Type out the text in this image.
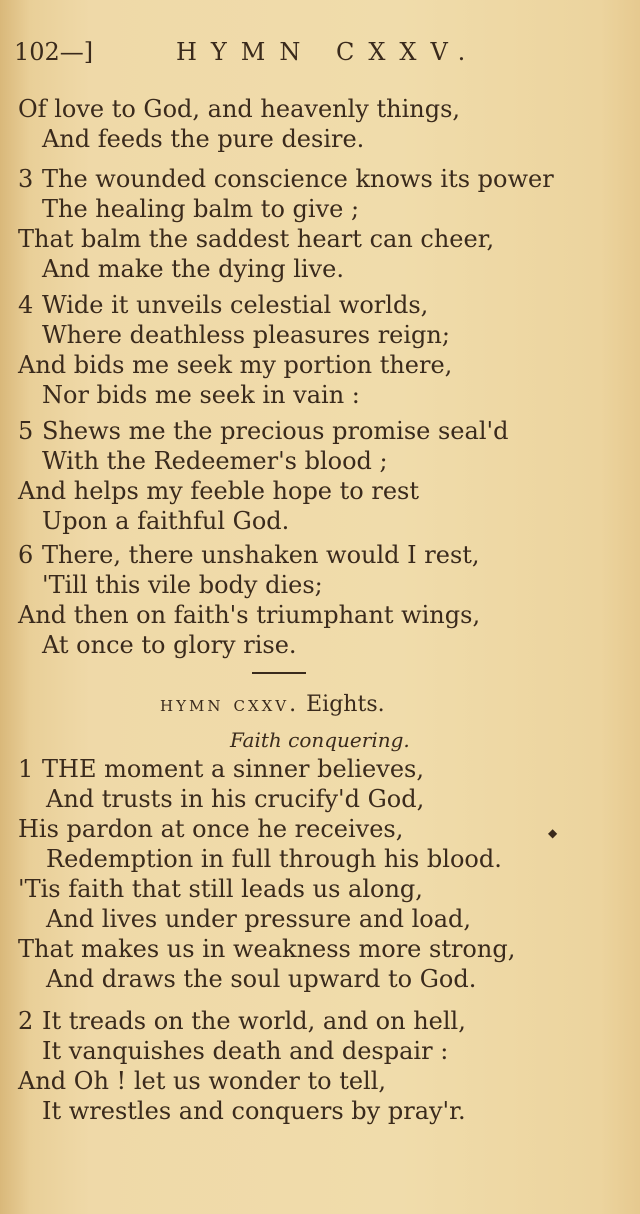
102—]	HYMN CXXV.
Of love to God, and heavenly things,
And feeds the pure desire.
3 The wounded conscience knows its power
The healing balm to give ;
That balm the saddest heart can cheer,
And make the dying live.
4 Wide it unveils celestial worlds,
Where deathless pleasures reign;
And bids me seek my portion there,
Nor bids me seek in vain :
5 Shews me the precious promise seal'd
With the Redeemer's blood ;
And helps my feeble hope to rest
Upon a faithful God.
6 There, there unshaken would I rest,
'Till this vile body dies;
And then on faith's triumphant wings,
At once to glory rise.
hymn cxxv. Eights.
Faith conquering.
1 THE moment a sinner believes,
And trusts in his crucify'd God,
His pardon at once he receives,
Redemption in full through his blood.
'Tis faith that still leads us along,
And lives under pressure and load,
That makes us in weakness more strong,
And draws the soul upward to God.
◆
2 It treads on the world, and on hell,
It vanquishes death and despair :
And Oh ! let us wonder to tell,
It wrestles and conquers by pray'r.
